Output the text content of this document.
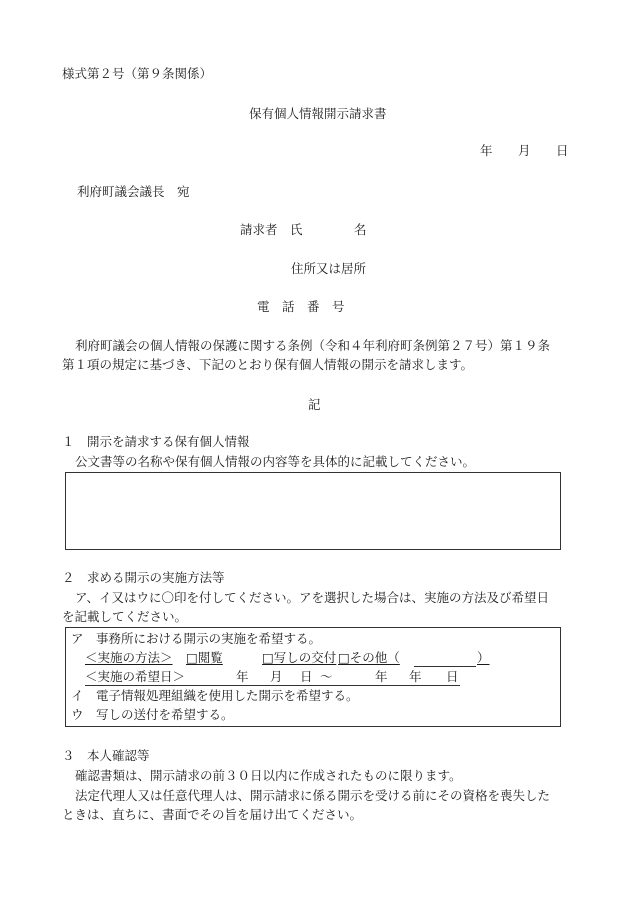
様式第２号（第９条関係）
保有個人情報開示請求書
年 月 日
利府町議会議長　宛
請求者 氏	名
住所又は居所
電　話　番　号
利府町議会の個人情報の保護に関する条例（令和４年利府町条例第２７号）第１９条
第１項の規定に基づき、下記のとおり保有個人情報の開示を請求します。
記
１　開示を請求する保有個人情報
公文書等の名称や保有個人情報の内容等を具体的に記載してください。
２　求める開示の実施方法等
ア、イ又はウに〇印を付してください。アを選択した場合は、実施の方法及び希望日
を記載してください。
ア　事務所における開示の実施を希望する。
＜実施の方法＞ □閲覧	□写しの交付 □その他（	）
＜実施の希望日＞	年 月 日 ～	年 年 日
イ　電子情報処理組織を使用した開示を希望する。
ウ　写しの送付を希望する。
３　本人確認等
確認書類は、開示請求の前３０日以内に作成されたものに限ります。
法定代理人又は任意代理人は、開示請求に係る開示を受ける前にその資格を喪失した
ときは、直ちに、書面でその旨を届け出てください。
